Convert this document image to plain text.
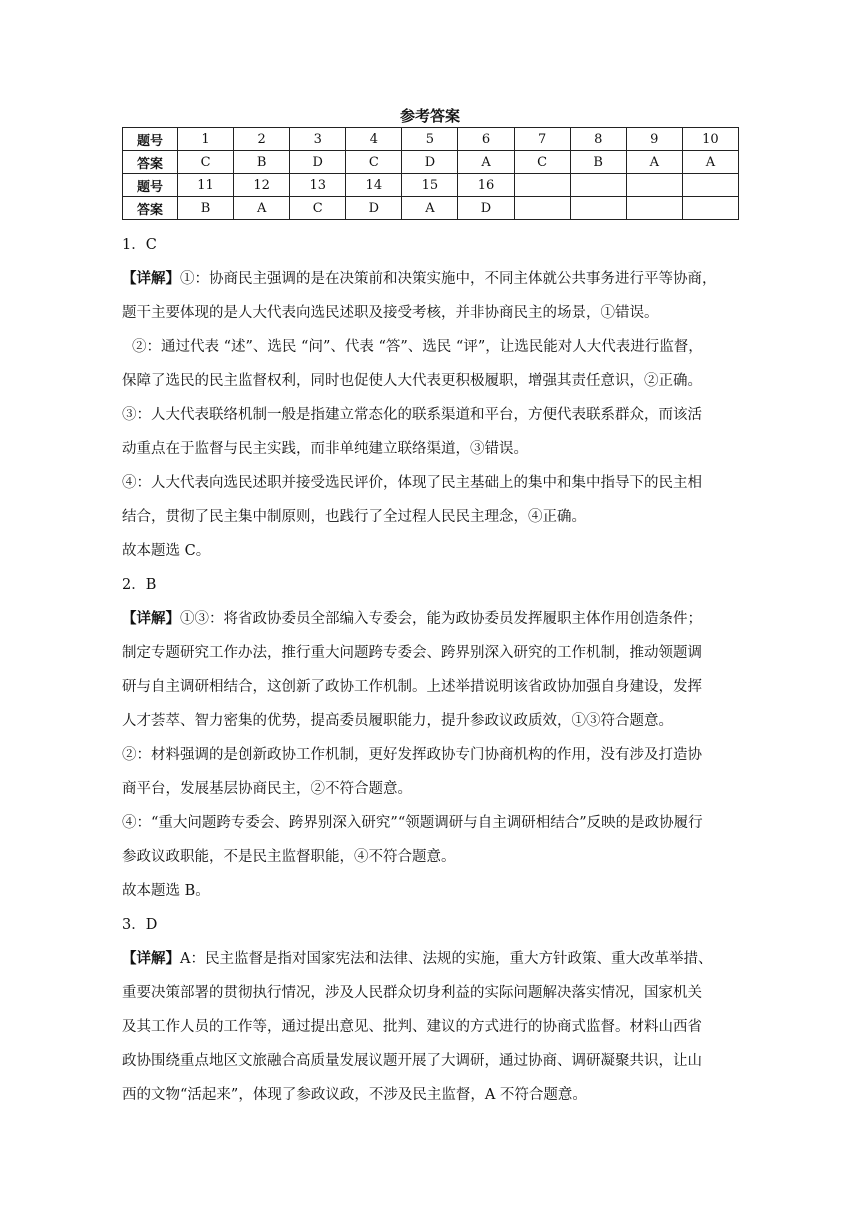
参考答案
题号	1	2	3	4	5	6	7	8	9	10
答案	C	B	D	C	D	A	C	B	A	A
题号	11	12	13	14	15	16				
答案	B	A	C	D	A	D				

1．C

【详解】①：协商民主强调的是在决策前和决策实施中，不同主体就公共事务进行平等协商，

题干主要体现的是人大代表向选民述职及接受考核，并非协商民主的场景，①错误。

②：通过代表 “述”、选民 “问”、代表 “答”、选民 “评”，让选民能对人大代表进行监督，

保障了选民的民主监督权利，同时也促使人大代表更积极履职，增强其责任意识，②正确。

③：人大代表联络机制一般是指建立常态化的联系渠道和平台，方便代表联系群众，而该活

动重点在于监督与民主实践，而非单纯建立联络渠道，③错误。

④：人大代表向选民述职并接受选民评价，体现了民主基础上的集中和集中指导下的民主相

结合，贯彻了民主集中制原则，也践行了全过程人民民主理念，④正确。

故本题选 C。

2．B

【详解】①③：将省政协委员全部编入专委会，能为政协委员发挥履职主体作用创造条件；

制定专题研究工作办法，推行重大问题跨专委会、跨界别深入研究的工作机制，推动领题调

研与自主调研相结合，这创新了政协工作机制。上述举措说明该省政协加强自身建设，发挥

人才荟萃、智力密集的优势，提高委员履职能力，提升参政议政质效，①③符合题意。

②：材料强调的是创新政协工作机制，更好发挥政协专门协商机构的作用，没有涉及打造协

商平台，发展基层协商民主，②不符合题意。

④：“重大问题跨专委会、跨界别深入研究”“领题调研与自主调研相结合”反映的是政协履行

参政议政职能，不是民主监督职能，④不符合题意。

故本题选 B。

3．D

【详解】A：民主监督是指对国家宪法和法律、法规的实施，重大方针政策、重大改革举措、

重要决策部署的贯彻执行情况，涉及人民群众切身利益的实际问题解决落实情况，国家机关

及其工作人员的工作等，通过提出意见、批判、建议的方式进行的协商式监督。材料山西省

政协围绕重点地区文旅融合高质量发展议题开展了大调研，通过协商、调研凝聚共识，让山

西的文物“活起来”，体现了参政议政，不涉及民主监督，A 不符合题意。
